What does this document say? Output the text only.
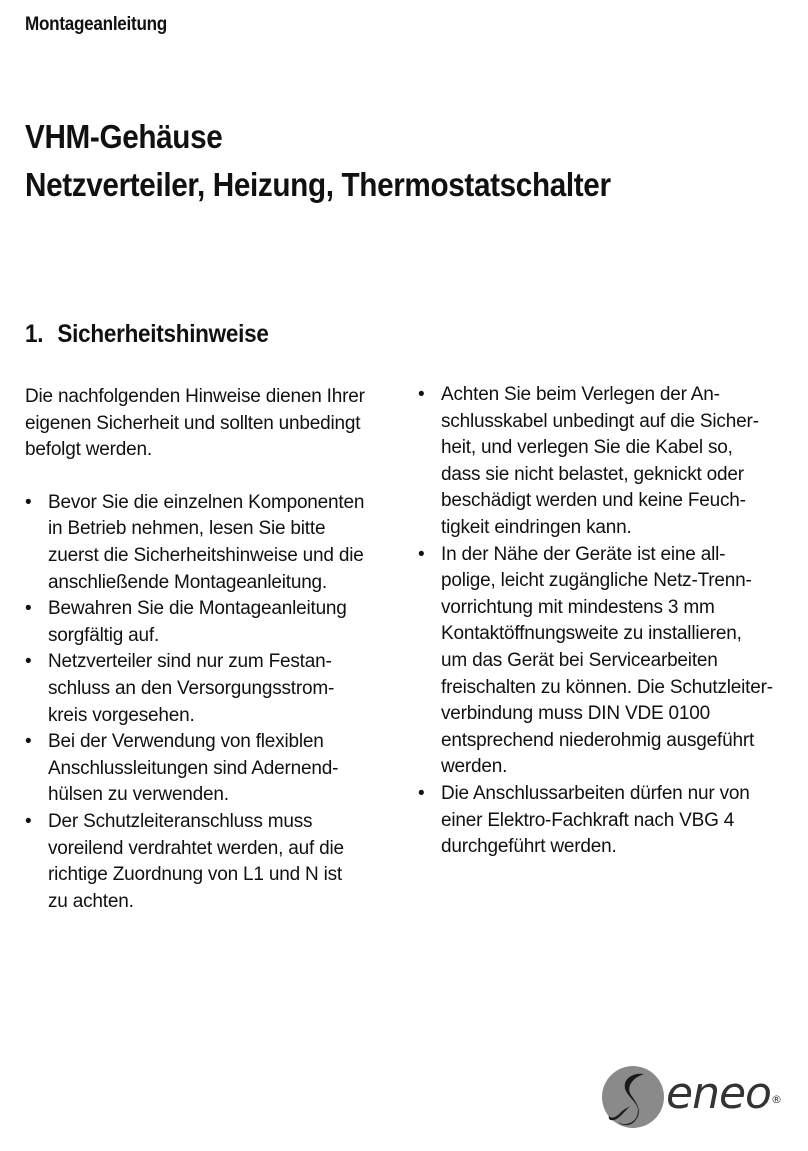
Montageanleitung
VHM-Gehäuse
Netzverteiler, Heizung, Thermostatschalter
1. Sicherheitshinweise

Die nachfolgenden Hinweise dienen Ihrer
eigenen Sicherheit und sollten unbedingt
befolgt werden.

• Bevor Sie die einzelnen Komponenten
in Betrieb nehmen, lesen Sie bitte
zuerst die Sicherheitshinweise und die
anschließende Montageanleitung.
• Bewahren Sie die Montageanleitung
sorgfältig auf.
• Netzverteiler sind nur zum Festan-
schluss an den Versorgungsstrom-
kreis vorgesehen.
• Bei der Verwendung von flexiblen
Anschlussleitungen sind Adernend-
hülsen zu verwenden.
• Der Schutzleiteranschluss muss
voreilend verdrahtet werden, auf die
richtige Zuordnung von L1 und N ist
zu achten.
• Achten Sie beim Verlegen der An-
schlusskabel unbedingt auf die Sicher-
heit, und verlegen Sie die Kabel so,
dass sie nicht belastet, geknickt oder
beschädigt werden und keine Feuch-
tigkeit eindringen kann.
• In der Nähe der Geräte ist eine all-
polige, leicht zugängliche Netz-Trenn-
vorrichtung mit mindestens 3 mm
Kontaktöffnungsweite zu installieren,
um das Gerät bei Servicearbeiten
freischalten zu können. Die Schutzleiter-
verbindung muss DIN VDE 0100
entsprechend niederohmig ausgeführt
werden.
• Die Anschlussarbeiten dürfen nur von
einer Elektro-Fachkraft nach VBG 4
durchgeführt werden.
eneo®
